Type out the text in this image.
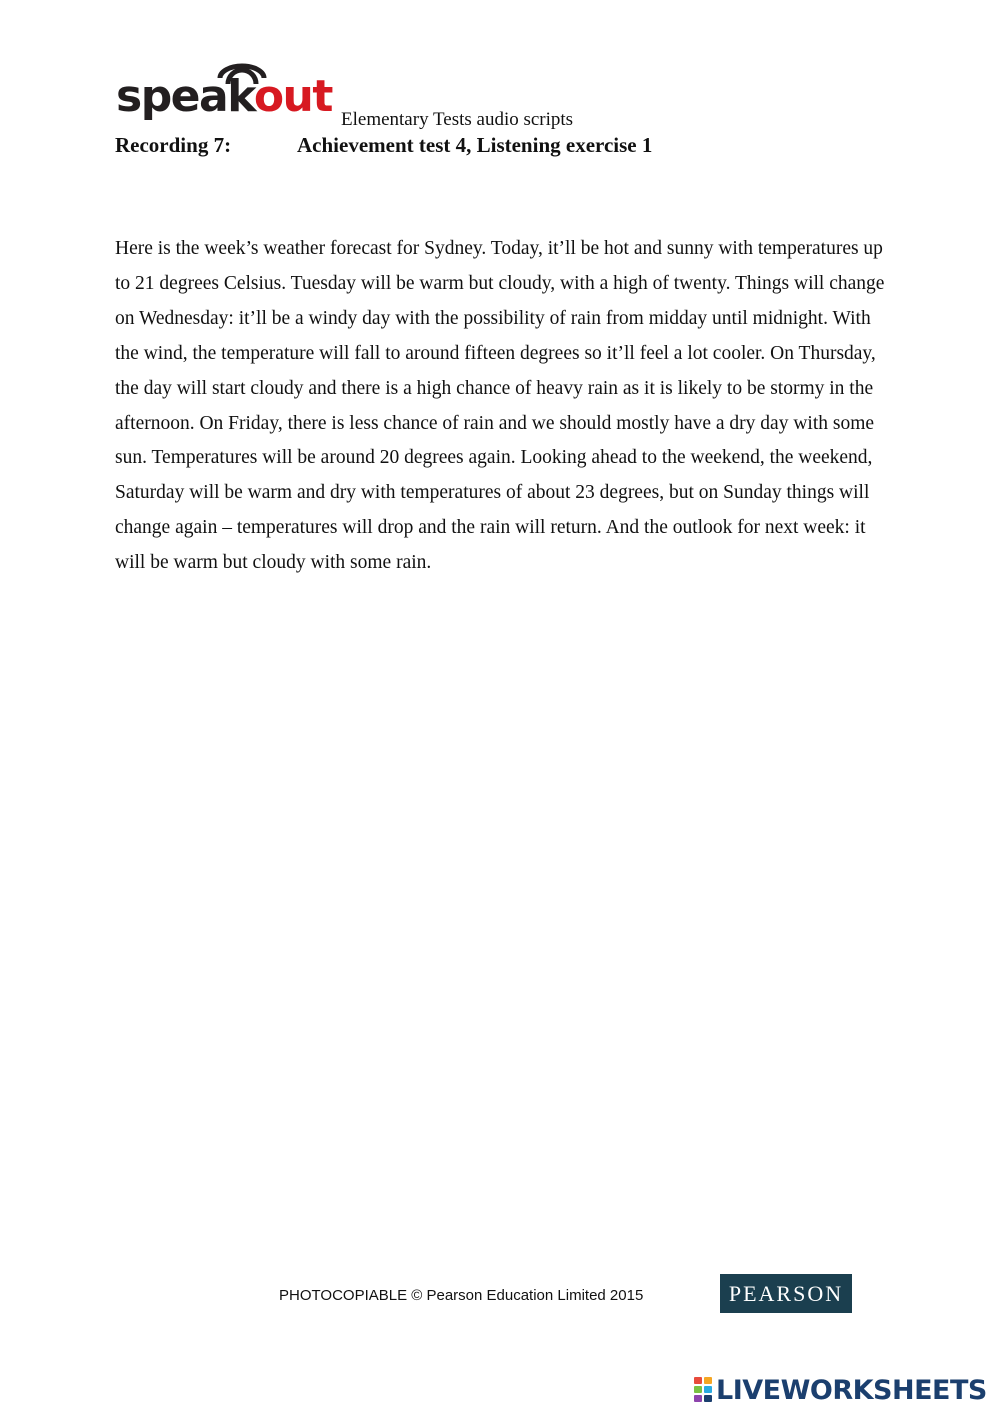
speakout Elementary Tests audio scripts
Recording 7:	Achievement test 4, Listening exercise 1

Here is the week’s weather forecast for Sydney. Today, it’ll be hot and sunny with temperatures up to 21 degrees Celsius. Tuesday will be warm but cloudy, with a high of twenty. Things will change on Wednesday: it’ll be a windy day with the possibility of rain from midday until midnight. With the wind, the temperature will fall to around fifteen degrees so it’ll feel a lot cooler. On Thursday, the day will start cloudy and there is a high chance of heavy rain as it is likely to be stormy in the afternoon. On Friday, there is less chance of rain and we should mostly have a dry day with some sun. Temperatures will be around 20 degrees again. Looking ahead to the weekend, the weekend, Saturday will be warm and dry with temperatures of about 23 degrees, but on Sunday things will change again – temperatures will drop and the rain will return. And the outlook for next week: it will be warm but cloudy with some rain.

PHOTOCOPIABLE © Pearson Education Limited 2015	PEARSON
LIVEWORKSHEETS
